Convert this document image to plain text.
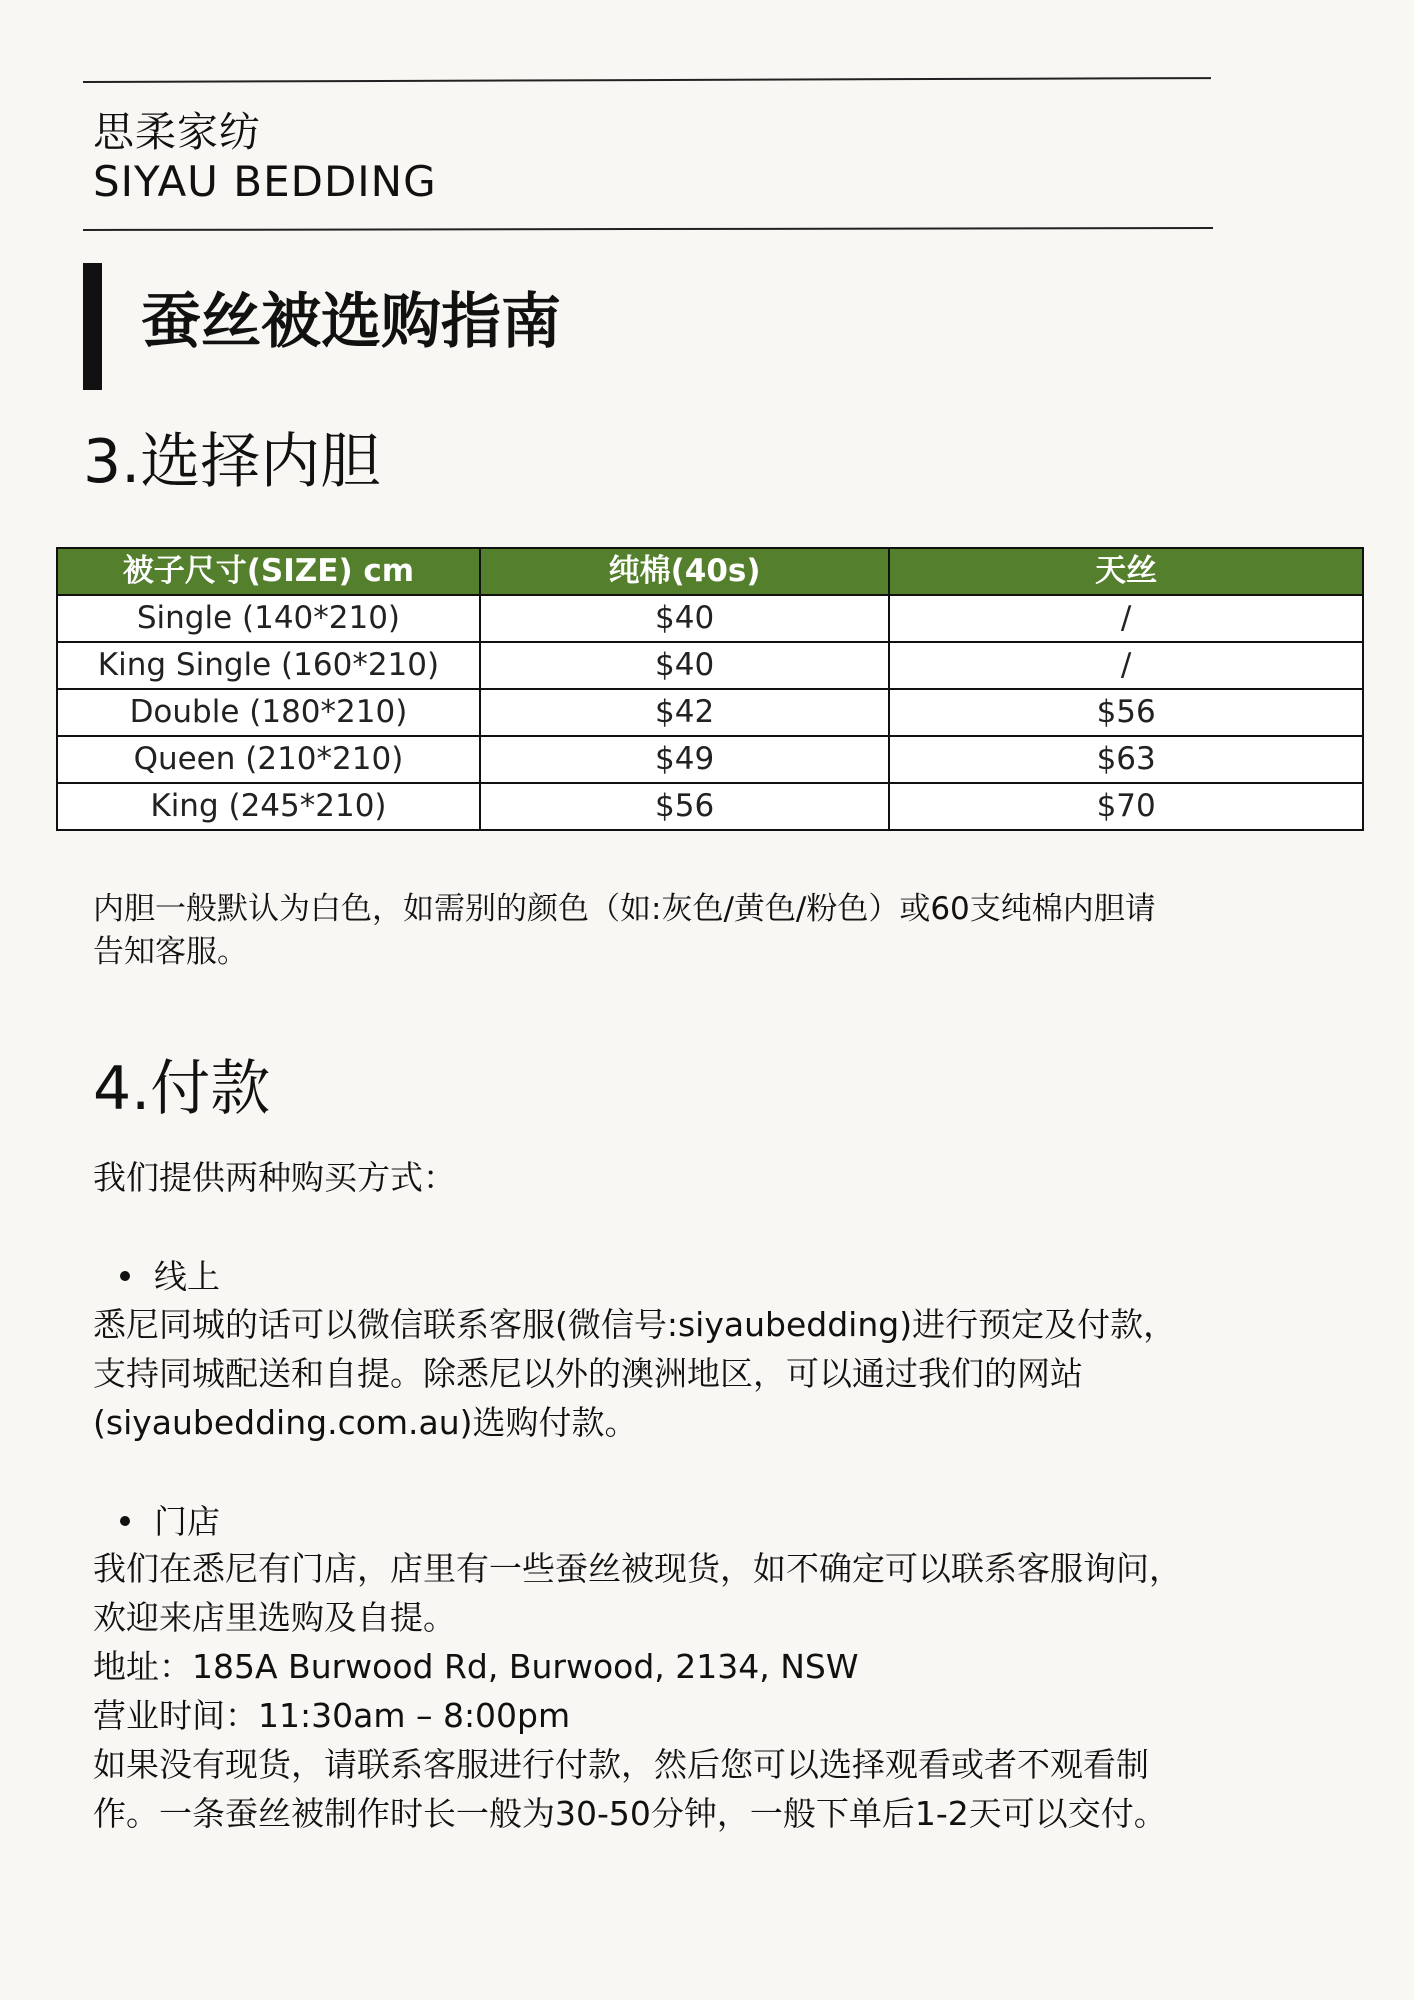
思柔家纺
SIYAU BEDDING
蚕丝被选购指南
3.选择内胆
被子尺寸(SIZE) cm	纯棉(40s)	天丝
Single (140*210)	$40	/
King Single (160*210)	$40	/
Double (180*210)	$42	$56
Queen (210*210)	$49	$63
King (245*210)	$56	$70

内胆一般默认为白色，如需别的颜色（如:灰色/黄色/粉色）或60支纯棉内胆请
告知客服。

4.付款

我们提供两种购买方式：

线上

悉尼同城的话可以微信联系客服(微信号:siyaubedding)进行预定及付款，
支持同城配送和自提。除悉尼以外的澳洲地区，可以通过我们的网站
(siyaubedding.com.au)选购付款。

门店

我们在悉尼有门店，店里有一些蚕丝被现货，如不确定可以联系客服询问，
欢迎来店里选购及自提。
地址：185A Burwood Rd, Burwood, 2134, NSW
营业时间：11:30am – 8:00pm
如果没有现货，请联系客服进行付款，然后您可以选择观看或者不观看制
作。一条蚕丝被制作时长一般为30-50分钟，一般下单后1-2天可以交付。
